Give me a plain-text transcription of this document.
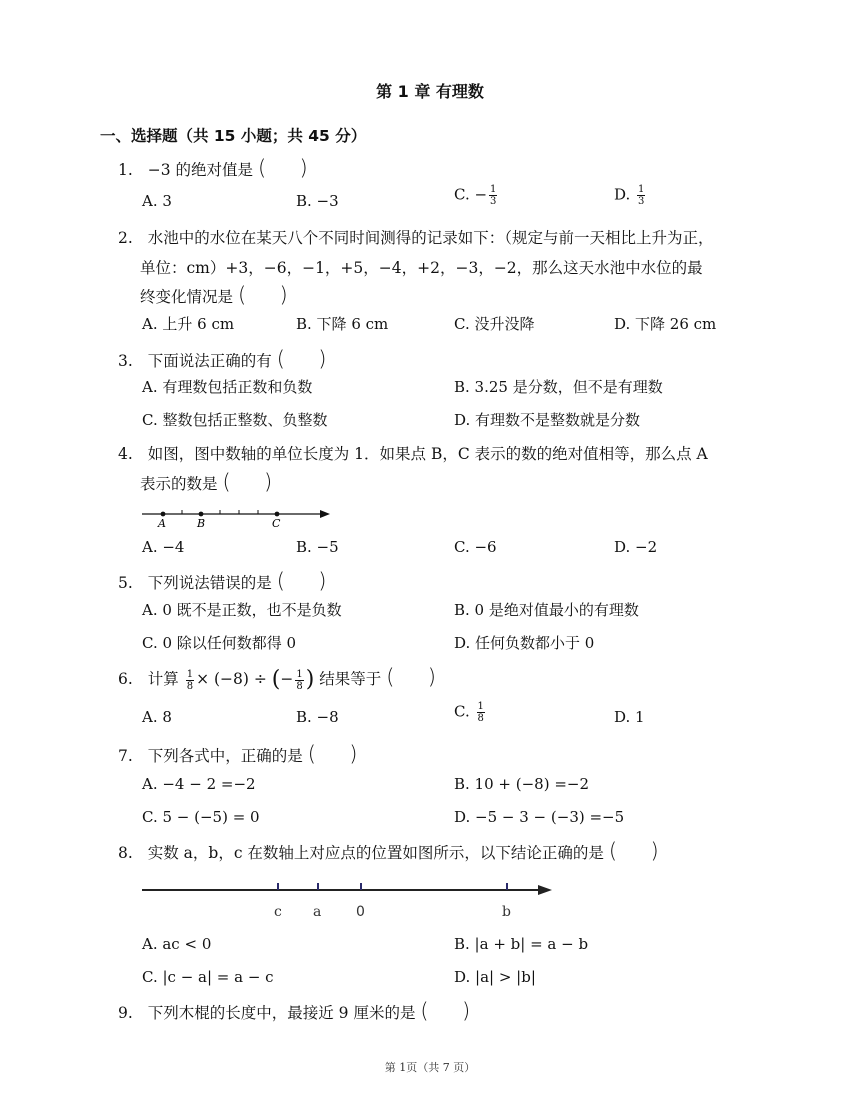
第 1 章 有理数
一、选择题（共 15 小题；共 45 分）
1. −3 的绝对值是 (     )
A. 3	B. −3	C. − $\frac{1}{3}$	D. $\frac{1}{3}$
2. 水池中的水位在某天八个不同时间测得的记录如下：（规定与前一天相比上升为正，
单位：cm）+3，−6，−1，+5，−4，+2，−3，−2，那么这天水池中水位的最
终变化情况是 (     )
A. 上升 6 cm	B. 下降 6 cm	C. 没升没降	D. 下降 26 cm
3. 下面说法正确的有 (     )
A. 有理数包括正数和负数	B. 3.25 是分数，但不是有理数
C. 整数包括正整数、负整数	D. 有理数不是整数就是分数
4. 如图，图中数轴的单位长度为 1．如果点 B，C 表示的数的绝对值相等，那么点 A
表示的数是 (     )
A	B	C
A. −4	B. −5	C. −6	D. −2
5. 下列说法错误的是 (     )
A. 0 既不是正数，也不是负数	B. 0 是绝对值最小的有理数
C. 0 除以任何数都得 0	D. 任何负数都小于 0
6. 计算 $\frac{1}{8} \times (-8)$ ÷ (− $\frac{1}{8}$ ) 结果等于 (     )
A. 8	B. −8	C. $\frac{1}{8}$	D. 1
7. 下列各式中，正确的是 (     )
A. −4 − 2 =−2	B. 10 + (−8) =−2
C. 5 − (−5) = 0	D. −5 − 3 − (−3) =−5
8. 实数 a，b，c 在数轴上对应点的位置如图所示，以下结论正确的是 (     )
c a 0	b
A. ac < 0	B. |a + b| = a − b
C. |c − a| = a − c	D. |a| > |b|
9. 下列木棍的长度中，最接近 9 厘米的是 (     )
第 1页（共 7 页）
